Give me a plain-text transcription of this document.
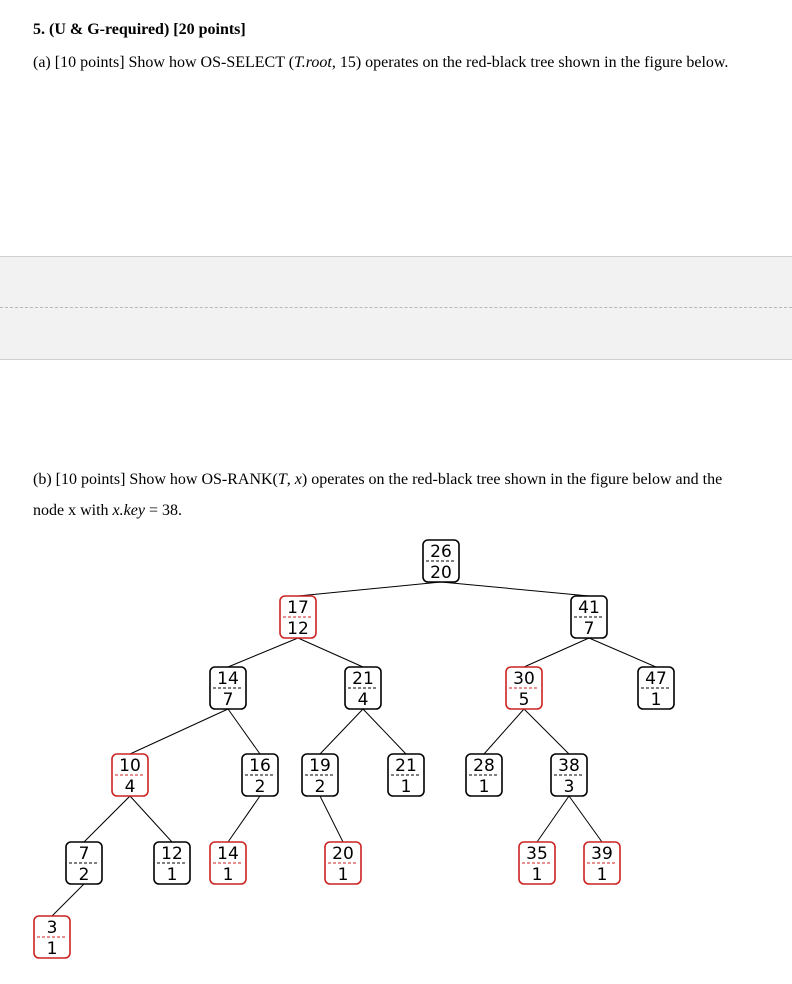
5. (U & G-required) [20 points]

(a) [10 points] Show how OS-SELECT (T.root, 15) operates on the red-black tree shown in the figure below.

(b) [10 points] Show how OS-RANK(T, x) operates on the red-black tree shown in the figure below and the node x with x.key = 38.

26
20
17
12
41
7
14
7
21
4
30
5
47
1
10
4
16
2
19
2
21
1
28
1
38
3
7
2
12
1
14
1
20
1
35
1
39
1
3
1
